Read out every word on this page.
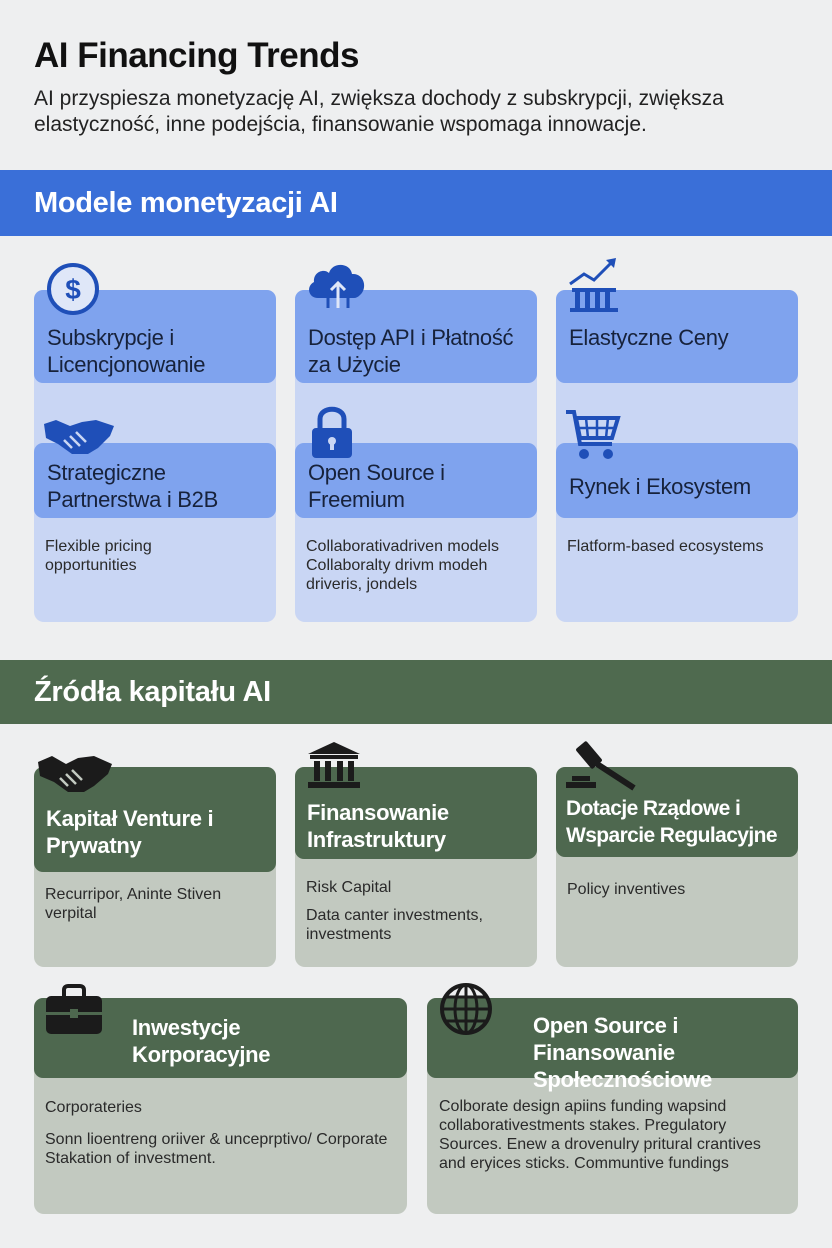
AI Financing Trends
AI przyspiesza monetyzację AI, zwiększa dochody z subskrypcji, zwiększa elastyczność, inne podejścia, finansowanie wspomaga innowacje.
Modele monetyzacji AI
Subskrypcje i Licencjonowanie
Dostęp API i Płatność za Użycie
Elastyczne Ceny
Strategiczne Partnerstwa i B2B
Open Source i Freemium
Rynek i Ekosystem
Flexible pricing opportunities
Collaborativadriven models Collaboralty drivm modeh driveris, jondels
Flatform-based ecosystems
$
Źródła kapitału AI
Kapitał Venture i Prywatny
Finansowanie Infrastruktury
Dotacje Rządowe i Wsparcie Regulacyjne
Recurripor, Aninte Stiven verpital
Risk Capital
Data canter investments, investments
Policy inventives
Inwestycje Korporacyjne
Open Source i Finansowanie Społecznościowe
Corporateries
Sonn lioentreng oriiver & unceprptivo/ Corporate Stakation of investment.
Colborate design apiins funding wapsind collaborativestments stakes. Pregulatory Sources. Enew a drovenulry pritural crantives and eryices sticks. Communtive fundings
